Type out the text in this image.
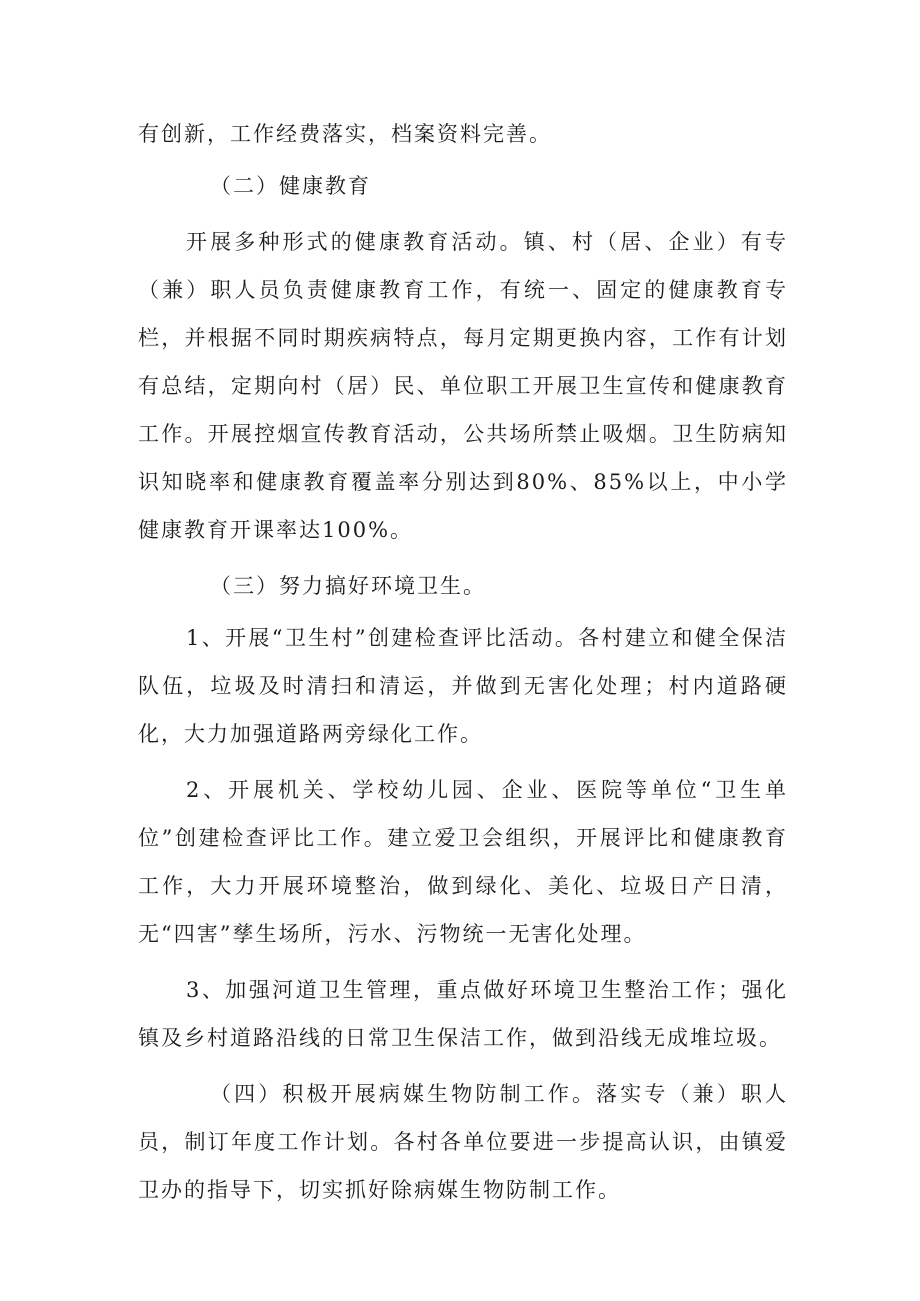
有创新，工作经费落实，档案资料完善。

（二）健康教育

开展多种形式的健康教育活动。镇、村（居、企业）有专（兼）职人员负责健康教育工作，有统一、固定的健康教育专栏，并根据不同时期疾病特点，每月定期更换内容，工作有计划有总结，定期向村（居）民、单位职工开展卫生宣传和健康教育工作。开展控烟宣传教育活动，公共场所禁止吸烟。卫生防病知识知晓率和健康教育覆盖率分别达到80%、85%以上，中小学健康教育开课率达100%。

（三）努力搞好环境卫生。

1、开展“卫生村”创建检查评比活动。各村建立和健全保洁队伍，垃圾及时清扫和清运，并做到无害化处理；村内道路硬化，大力加强道路两旁绿化工作。

2、开展机关、学校幼儿园、企业、医院等单位“卫生单位”创建检查评比工作。建立爱卫会组织，开展评比和健康教育工作，大力开展环境整治，做到绿化、美化、垃圾日产日清，无“四害”孳生场所，污水、污物统一无害化处理。

3、加强河道卫生管理，重点做好环境卫生整治工作；强化镇及乡村道路沿线的日常卫生保洁工作，做到沿线无成堆垃圾。

（四）积极开展病媒生物防制工作。落实专（兼）职人员，制订年度工作计划。各村各单位要进一步提高认识，由镇爱卫办的指导下，切实抓好除病媒生物防制工作。
